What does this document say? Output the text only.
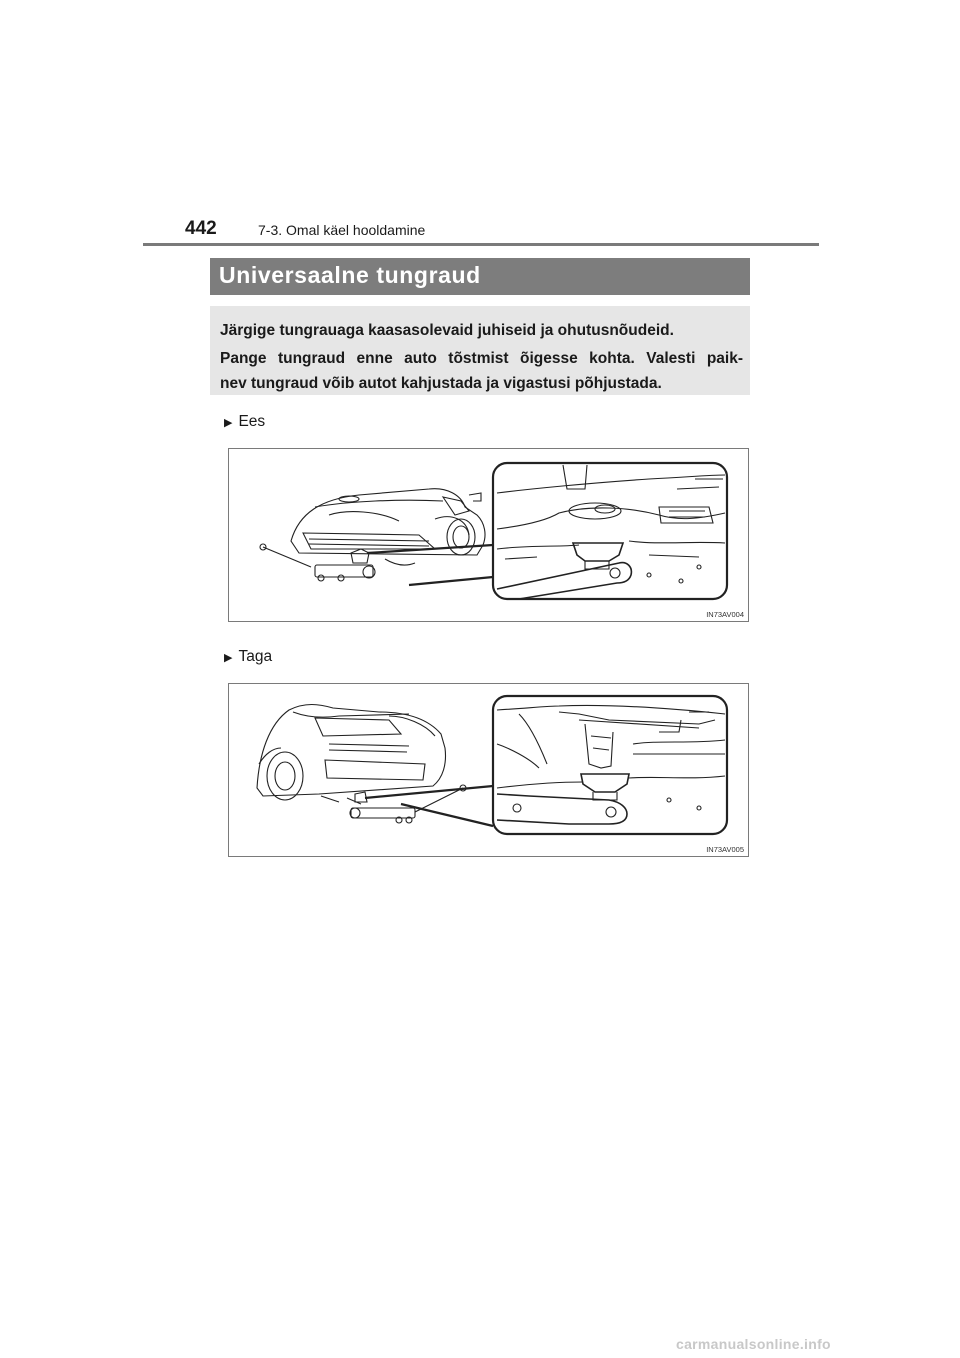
442	7-3. Omal käel hooldamine
Universaalne tungraud

Järgige tungrauaga kaasasolevaid juhiseid ja ohutusnõudeid.

Pange tungraud enne auto tõstmist õigesse kohta. Valesti paik-

nev tungraud võib autot kahjustada ja vigastusi põhjustada.

▶ Ees
IN73AV004
▶ Taga
IN73AV005
carmanualsonline.info
